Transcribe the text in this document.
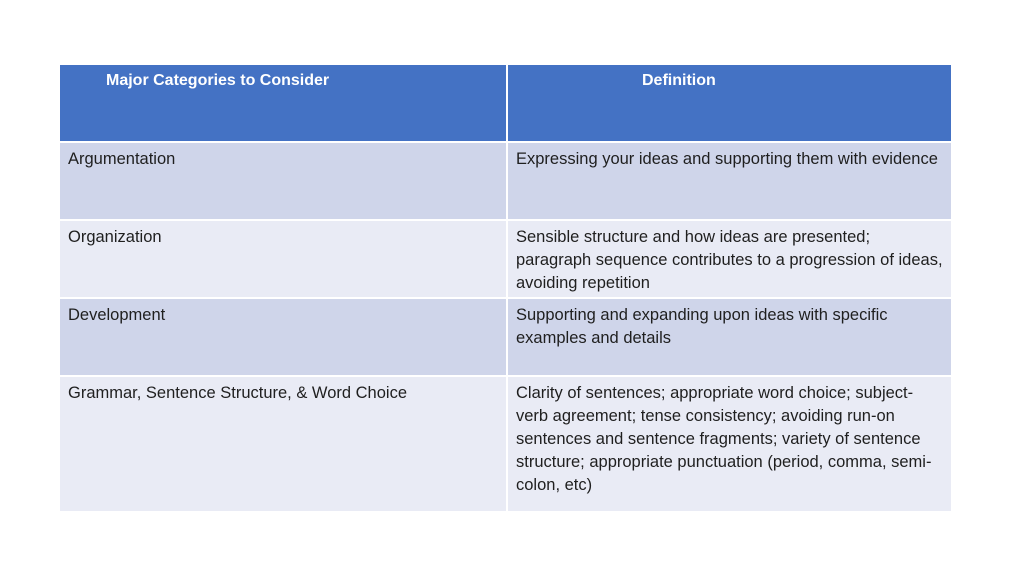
Major Categories to Consider	Definition
Argumentation	Expressing your ideas and supporting them with evidence
Organization	Sensible structure and how ideas are presented; paragraph sequence contributes to a progression of ideas, avoiding repetition
Development	Supporting and expanding upon ideas with specific examples and details
Grammar, Sentence Structure, & Word Choice	Clarity of sentences; appropriate word choice; subject-verb agreement; tense consistency; avoiding run-on sentences and sentence fragments; variety of sentence structure; appropriate punctuation (period, comma, semi-colon, etc)
